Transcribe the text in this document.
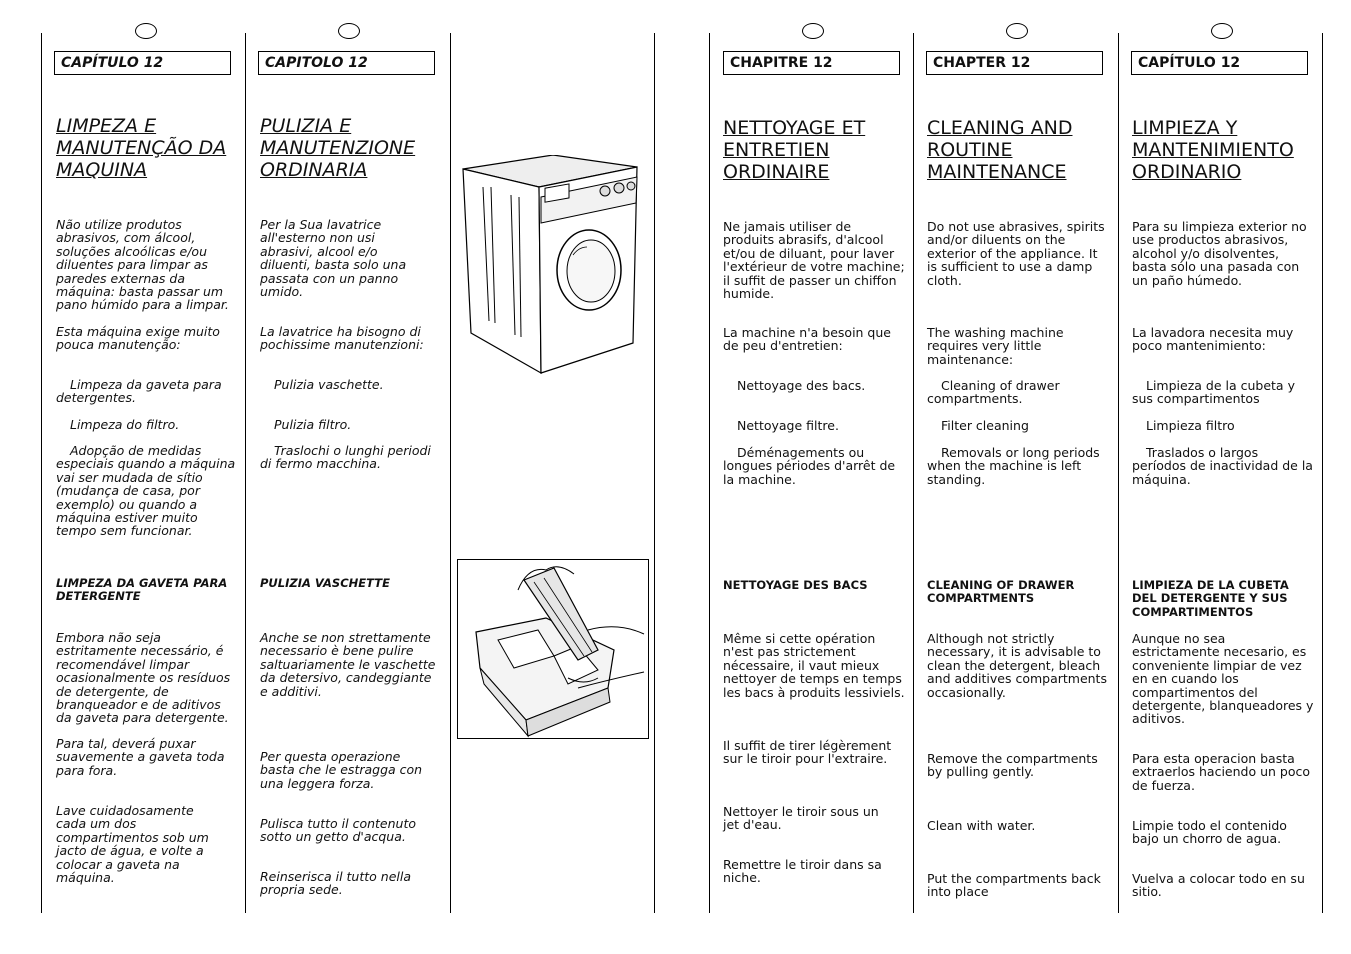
CAPÍTULO 12
LIMPEZA E MANUTENÇÃO DA MAQUINA

Não utilize produtos abrasivos, com álcool, soluções alcoólicas e/ou diluentes para limpar as paredes externas da máquina: basta passar um pano húmido para a limpar.

Esta máquina exige muito pouca manutenção:

Limpeza da gaveta para detergentes.

Limpeza do filtro.

Adopção de medidas especiais quando a máquina vai ser mudada de sítio (mudança de casa, por exemplo) ou quando a máquina estiver muito tempo sem funcionar.

LIMPEZA DA GAVETA PARA DETERGENTE

Embora não seja estritamente necessário, é recomendável limpar ocasionalmente os resíduos de detergente, de branqueador e de aditivos da gaveta para detergente.

Para tal, deverá puxar suavemente a gaveta toda para fora.

Lave cuidadosamente cada um dos compartimentos sob um jacto de água, e volte a colocar a gaveta na máquina.

CAPITOLO 12
PULIZIA E MANUTENZIONE ORDINARIA

Per la Sua lavatrice all'esterno non usi abrasivi, alcool e/o diluenti, basta solo una passata con un panno umido.

La lavatrice ha bisogno di pochissime manutenzioni:

Pulizia vaschette.

Pulizia filtro.

Traslochi o lunghi periodi di fermo macchina.

PULIZIA VASCHETTE

Anche se non strettamente necessario è bene pulire saltuariamente le vaschette da detersivo, candeggiante e additivi.

Per questa operazione basta che le estragga con una leggera forza.

Pulisca tutto il contenuto sotto un getto d'acqua.

Reinserisca il tutto nella propria sede.

CHAPITRE 12
NETTOYAGE ET ENTRETIEN ORDINAIRE

Ne jamais utiliser de produits abrasifs, d'alcool et/ou de diluant, pour laver l'extérieur de votre machine; il suffit de passer un chiffon humide.

La machine n'a besoin que de peu d'entretien:

Nettoyage des bacs.

Nettoyage filtre.

Déménagements ou longues périodes d'arrêt de la machine.

NETTOYAGE DES BACS

Même si cette opération n'est pas strictement nécessaire, il vaut mieux nettoyer de temps en temps les bacs à produits lessiviels.

Il suffit de tirer légèrement sur le tiroir pour l'extraire.

Nettoyer le tiroir sous un jet d'eau.

Remettre le tiroir dans sa niche.

CHAPTER 12
CLEANING AND ROUTINE MAINTENANCE

Do not use abrasives, spirits and/or diluents on the exterior of the appliance. It is sufficient to use a damp cloth.

The washing machine requires very little maintenance:

Cleaning of drawer compartments.

Filter cleaning

Removals or long periods when the machine is left standing.

CLEANING OF DRAWER COMPARTMENTS

Although not strictly necessary, it is advisable to clean the detergent, bleach and additives compartments occasionally.

Remove the compartments by pulling gently.

Clean with water.

Put the compartments back into place

CAPÍTULO 12
LIMPIEZA Y MANTENIMIENTO ORDINARIO

Para su limpieza exterior no use productos abrasivos, alcohol y/o disolventes, basta sólo una pasada con un paño húmedo.

La lavadora necesita muy poco mantenimiento:

Limpieza de la cubeta y sus compartimentos

Limpieza filtro

Traslados o largos períodos de inactividad de la máquina.

LIMPIEZA DE LA CUBETA DEL DETERGENTE Y SUS COMPARTIMENTOS

Aunque no sea estrictamente necesario, es conveniente limpiar de vez en en cuando los compartimentos del detergente, blanqueadores y aditivos.

Para esta operacion basta extraerlos haciendo un poco de fuerza.

Limpie todo el contenido bajo un chorro de agua.

Vuelva a colocar todo en su sitio.
